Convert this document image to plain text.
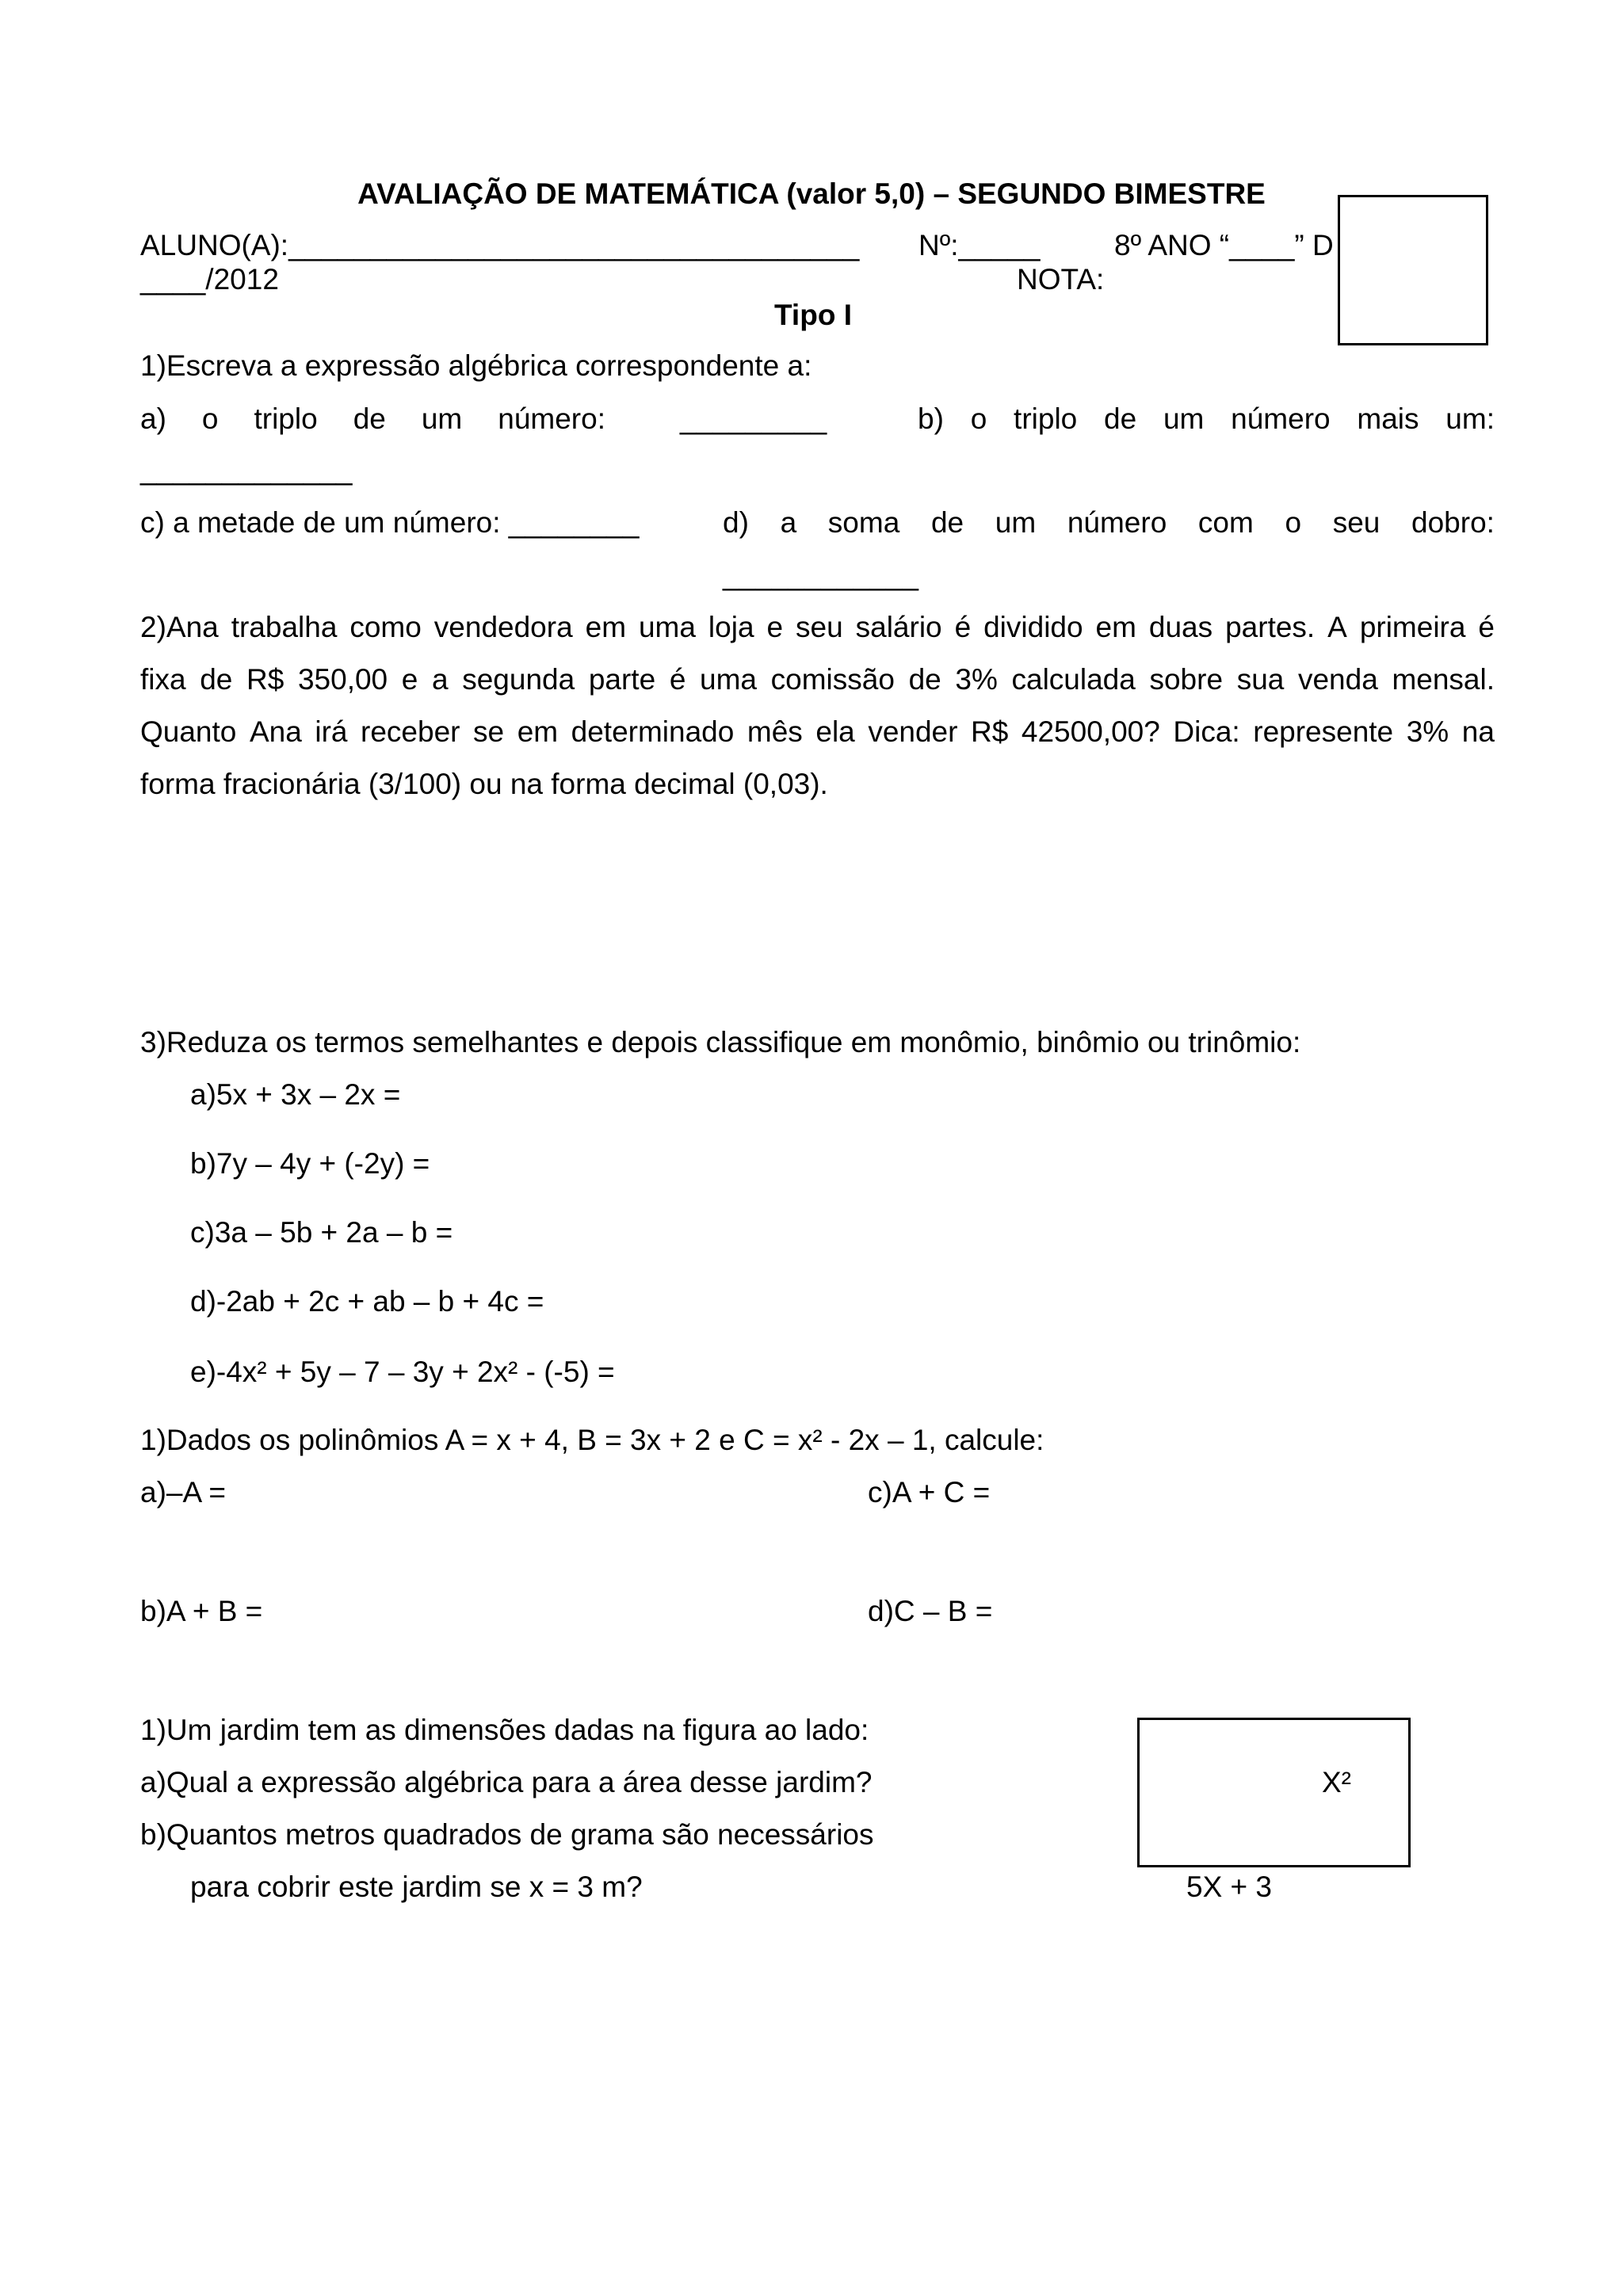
AVALIAÇÃO DE MATEMÁTICA (valor 5,0) – SEGUNDO BIMESTRE
ALUNO(A):___________________________________ Nº:_____	8º ANO “____” D
____/2012	NOTA:
Tipo I
1)Escreva a expressão algébrica correspondente a:
a) o triplo de um número:	_________	b) o triplo de um número mais um:
_____________
c) a metade de um número: ________	d) a soma de um número com o seu dobro:
____________
2)Ana trabalha como vendedora em uma loja e seu salário é dividido em duas partes. A primeira é
fixa de R$ 350,00 e a segunda parte é uma comissão de 3% calculada sobre sua venda mensal.
Quanto Ana irá receber se em determinado mês ela vender R$ 42500,00? Dica: represente 3% na
forma fracionária (3/100) ou na forma decimal (0,03).
3)Reduza os termos semelhantes e depois classifique em monômio, binômio ou trinômio:
a)5x + 3x – 2x =
b)7y – 4y + (-2y) =
c)3a – 5b + 2a – b =
d)-2ab + 2c + ab – b + 4c =
e)-4x² + 5y – 7 – 3y + 2x² - (-5) =
1)Dados os polinômios A = x + 4, B = 3x + 2 e C = x² - 2x – 1, calcule:
a)–A =	c)A + C =
b)A + B =	d)C – B =
1)Um jardim tem as dimensões dadas na figura ao lado:
a)Qual a expressão algébrica para a área desse jardim?
b)Quantos metros quadrados de grama são necessários
para cobrir este jardim se x = 3 m?
X²
5X + 3
